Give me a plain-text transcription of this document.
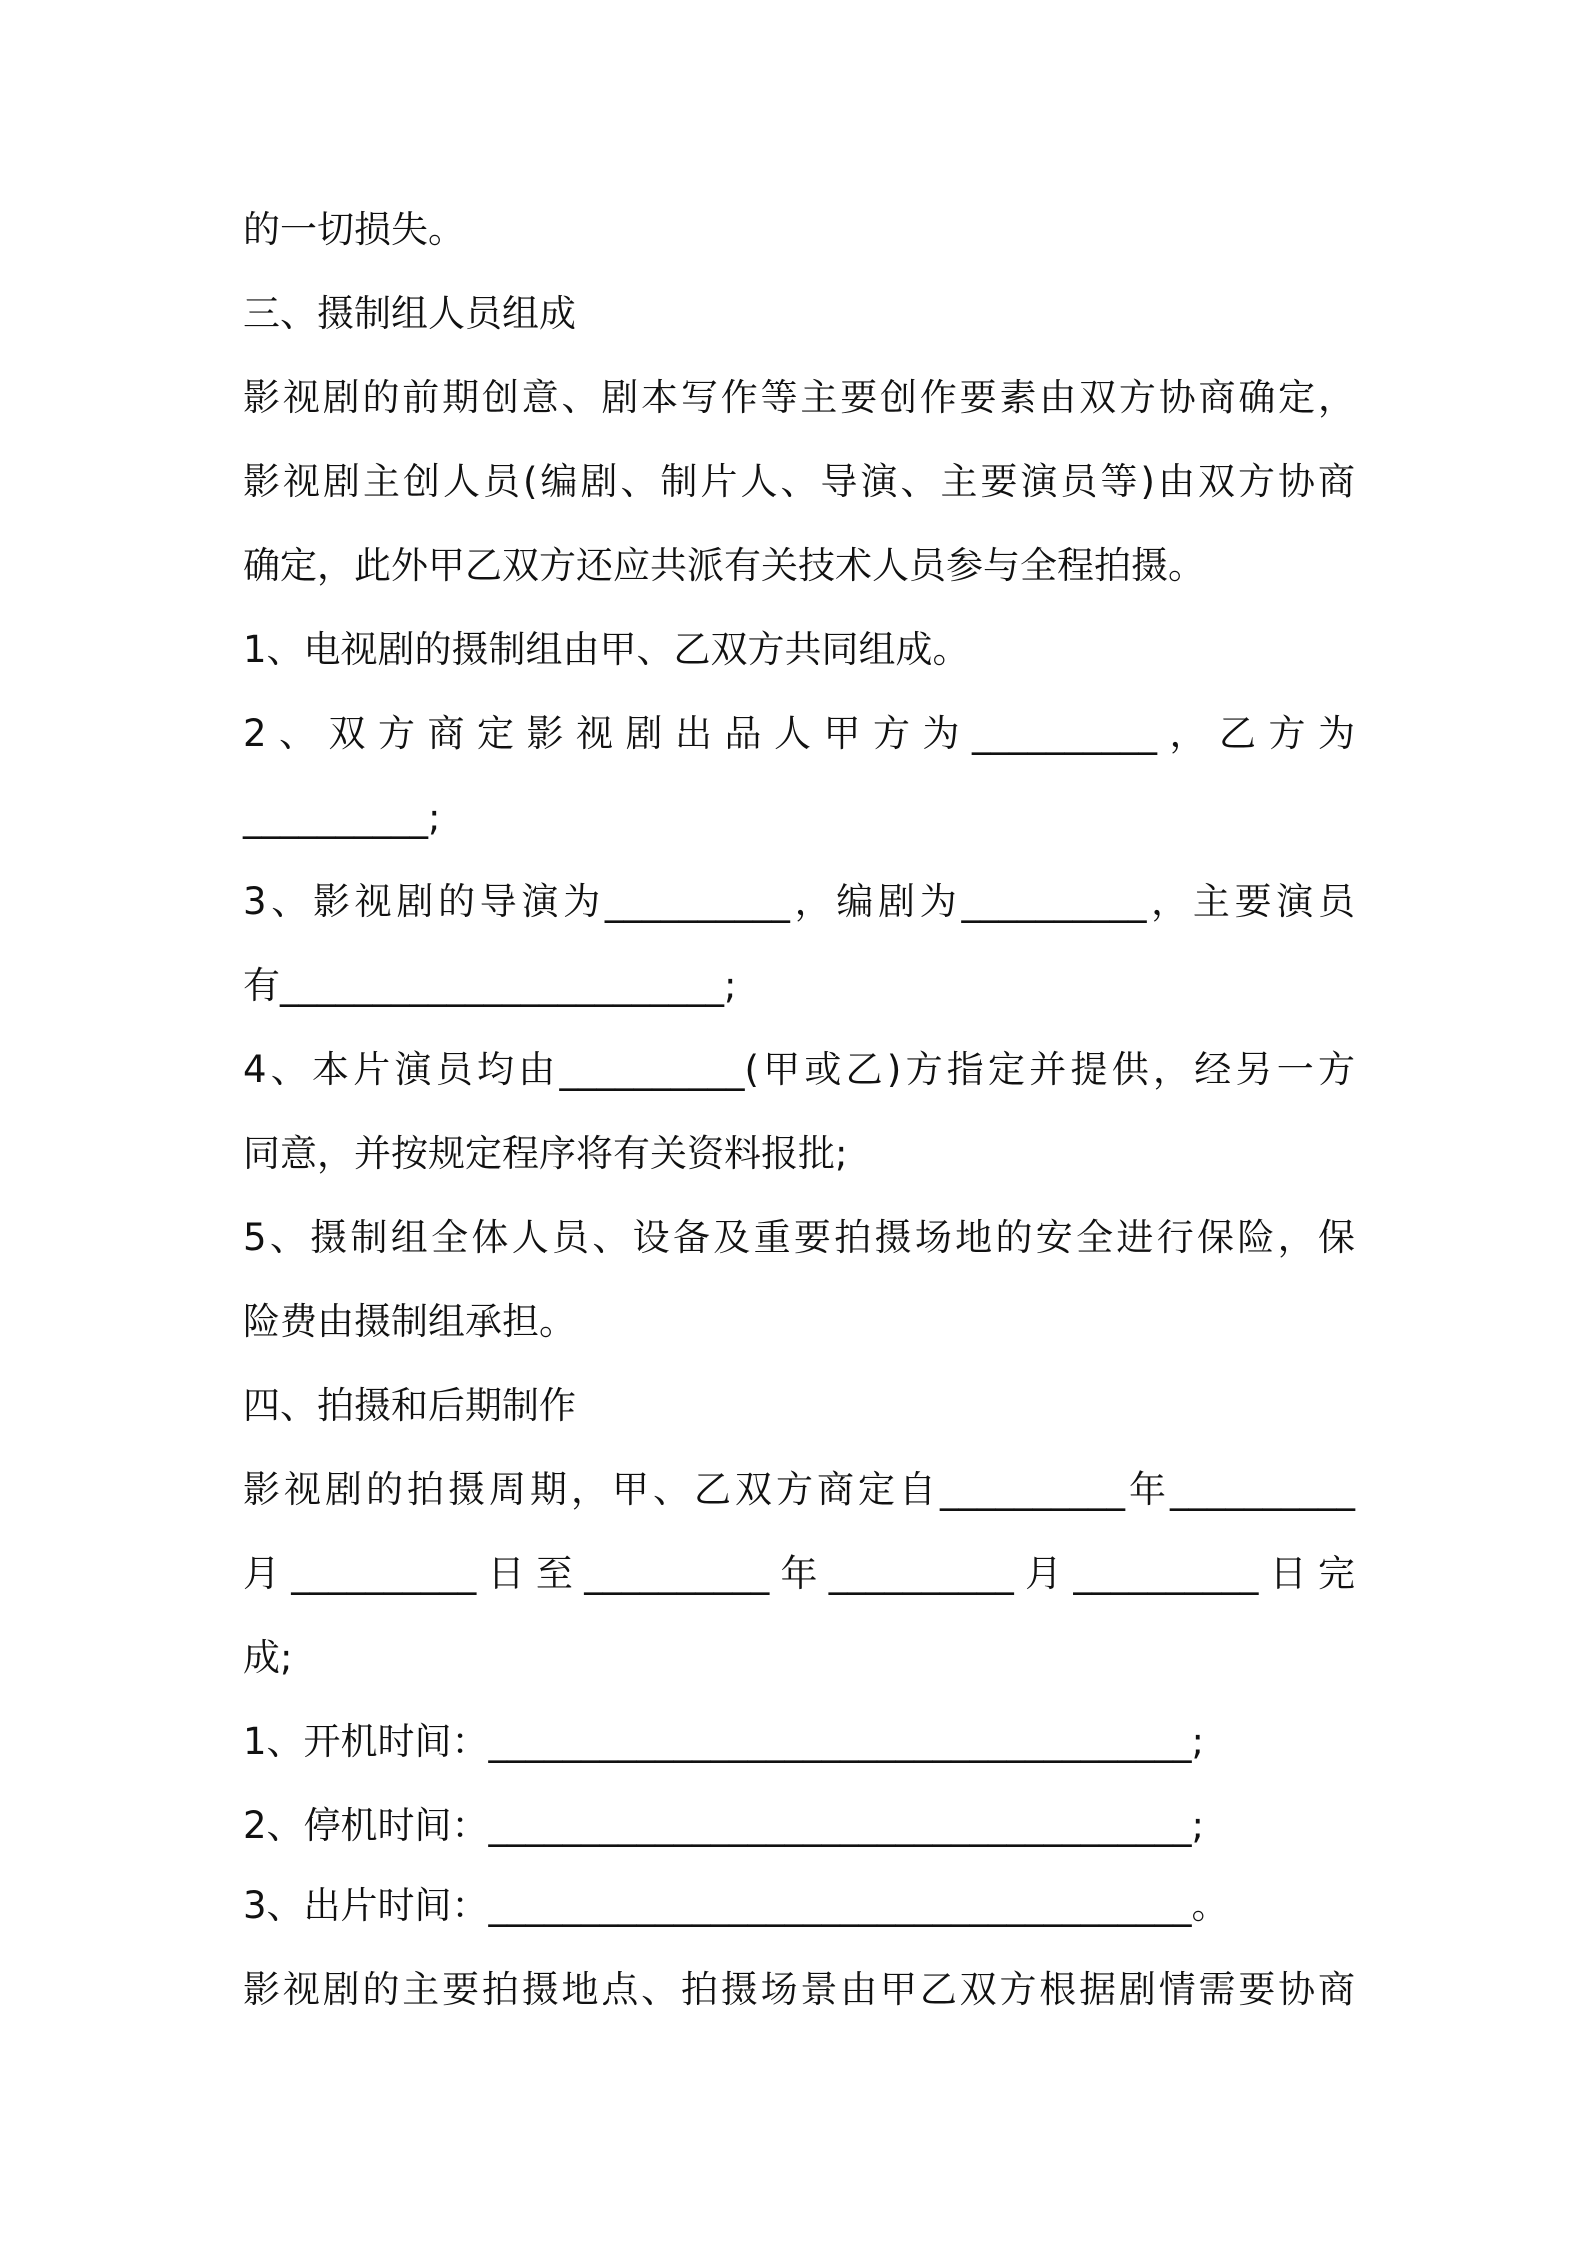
的一切损失。
三、摄制组人员组成
影视剧的前期创意、剧本写作等主要创作要素由双方协商确定，
影视剧主创人员(编剧、制片人、导演、主要演员等)由双方协商
确定，此外甲乙双方还应共派有关技术人员参与全程拍摄。
1、电视剧的摄制组由甲、乙双方共同组成。
2、双方商定影视剧出品人甲方为__________，乙方为
__________;
3、影视剧的导演为__________，编剧为__________，主要演员
有________________________;
4、本片演员均由__________(甲或乙)方指定并提供，经另一方
同意，并按规定程序将有关资料报批;
5、摄制组全体人员、设备及重要拍摄场地的安全进行保险，保
险费由摄制组承担。
四、拍摄和后期制作
影视剧的拍摄周期，甲、乙双方商定自__________年__________
月__________日至__________年__________月__________日完
成;
1、开机时间：______________________________________;
2、停机时间：______________________________________;
3、出片时间：______________________________________。
影视剧的主要拍摄地点、拍摄场景由甲乙双方根据剧情需要协商
